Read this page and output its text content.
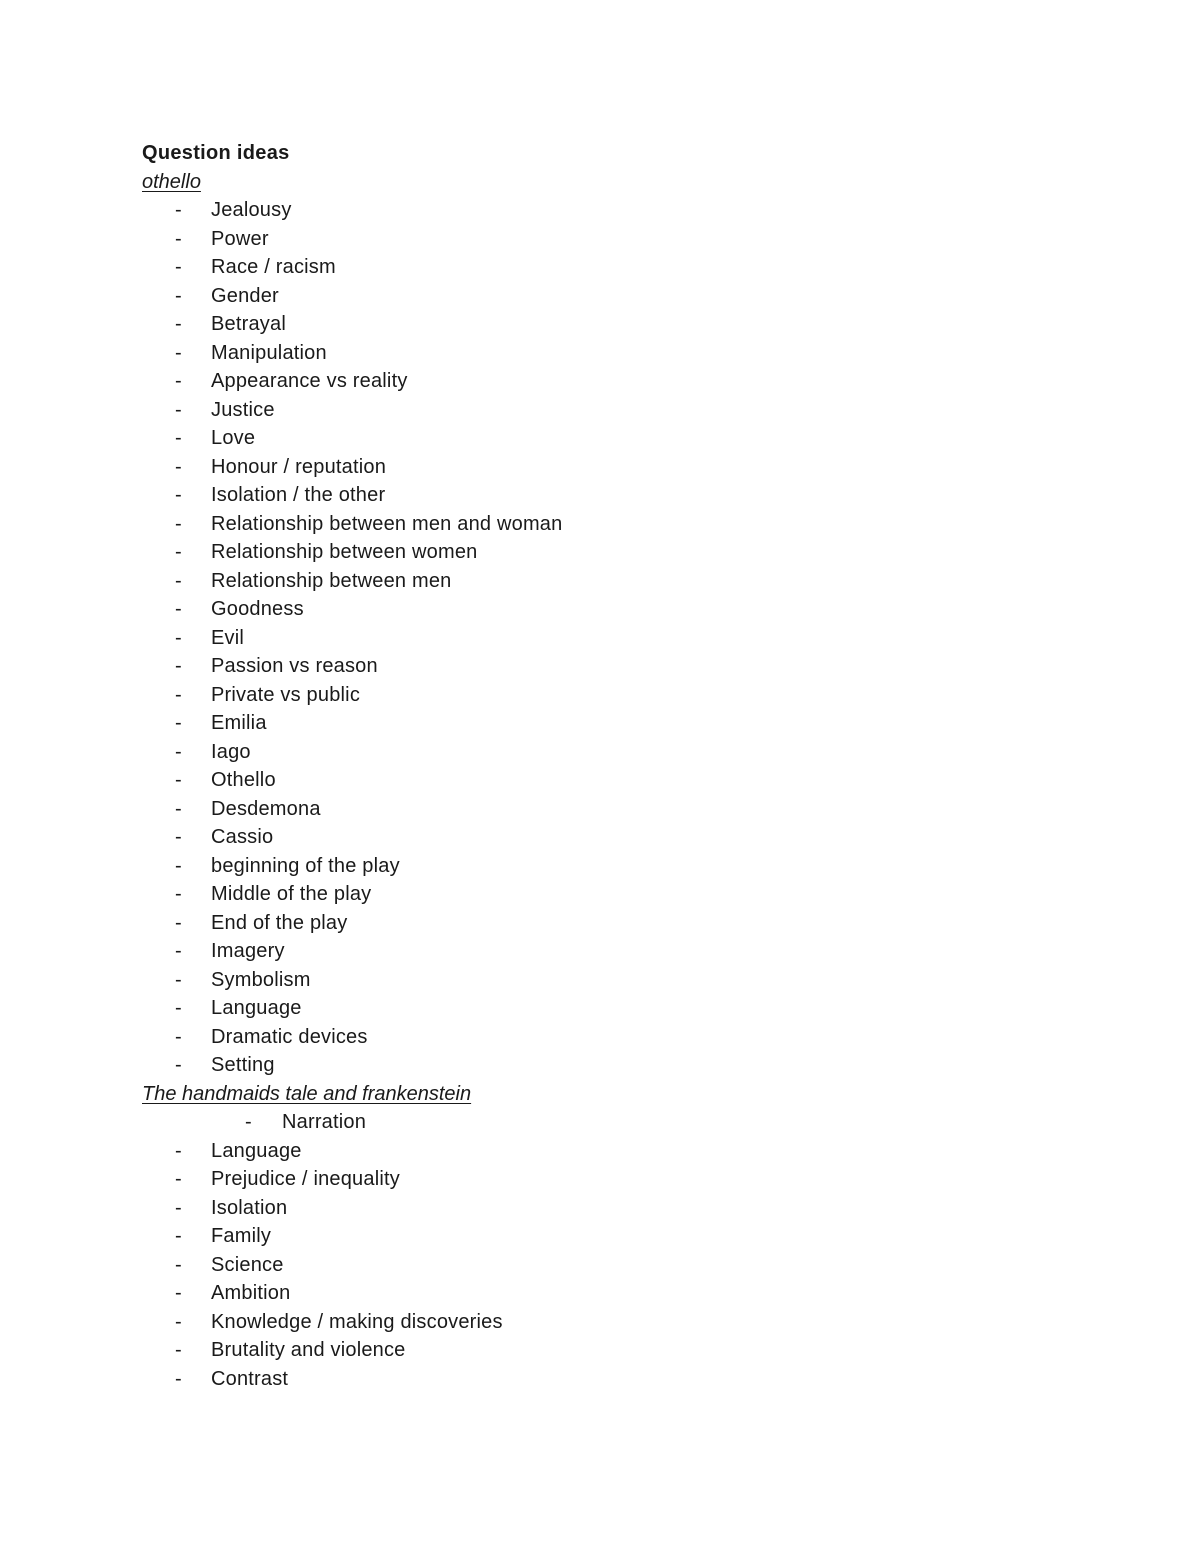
Question ideas
othello
- Jealousy
- Power
- Race / racism
- Gender
- Betrayal
- Manipulation
- Appearance vs reality
- Justice
- Love
- Honour / reputation
- Isolation / the other
- Relationship between men and woman
- Relationship between women
- Relationship between men
- Goodness
- Evil
- Passion vs reason
- Private vs public
- Emilia
- Iago
- Othello
- Desdemona
- Cassio
- beginning of the play
- Middle of the play
- End of the play
- Imagery
- Symbolism
- Language
- Dramatic devices
- Setting
The handmaids tale and frankenstein
- Narration
- Language
- Prejudice / inequality
- Isolation
- Family
- Science
- Ambition
- Knowledge / making discoveries
- Brutality and violence
- Contrast
